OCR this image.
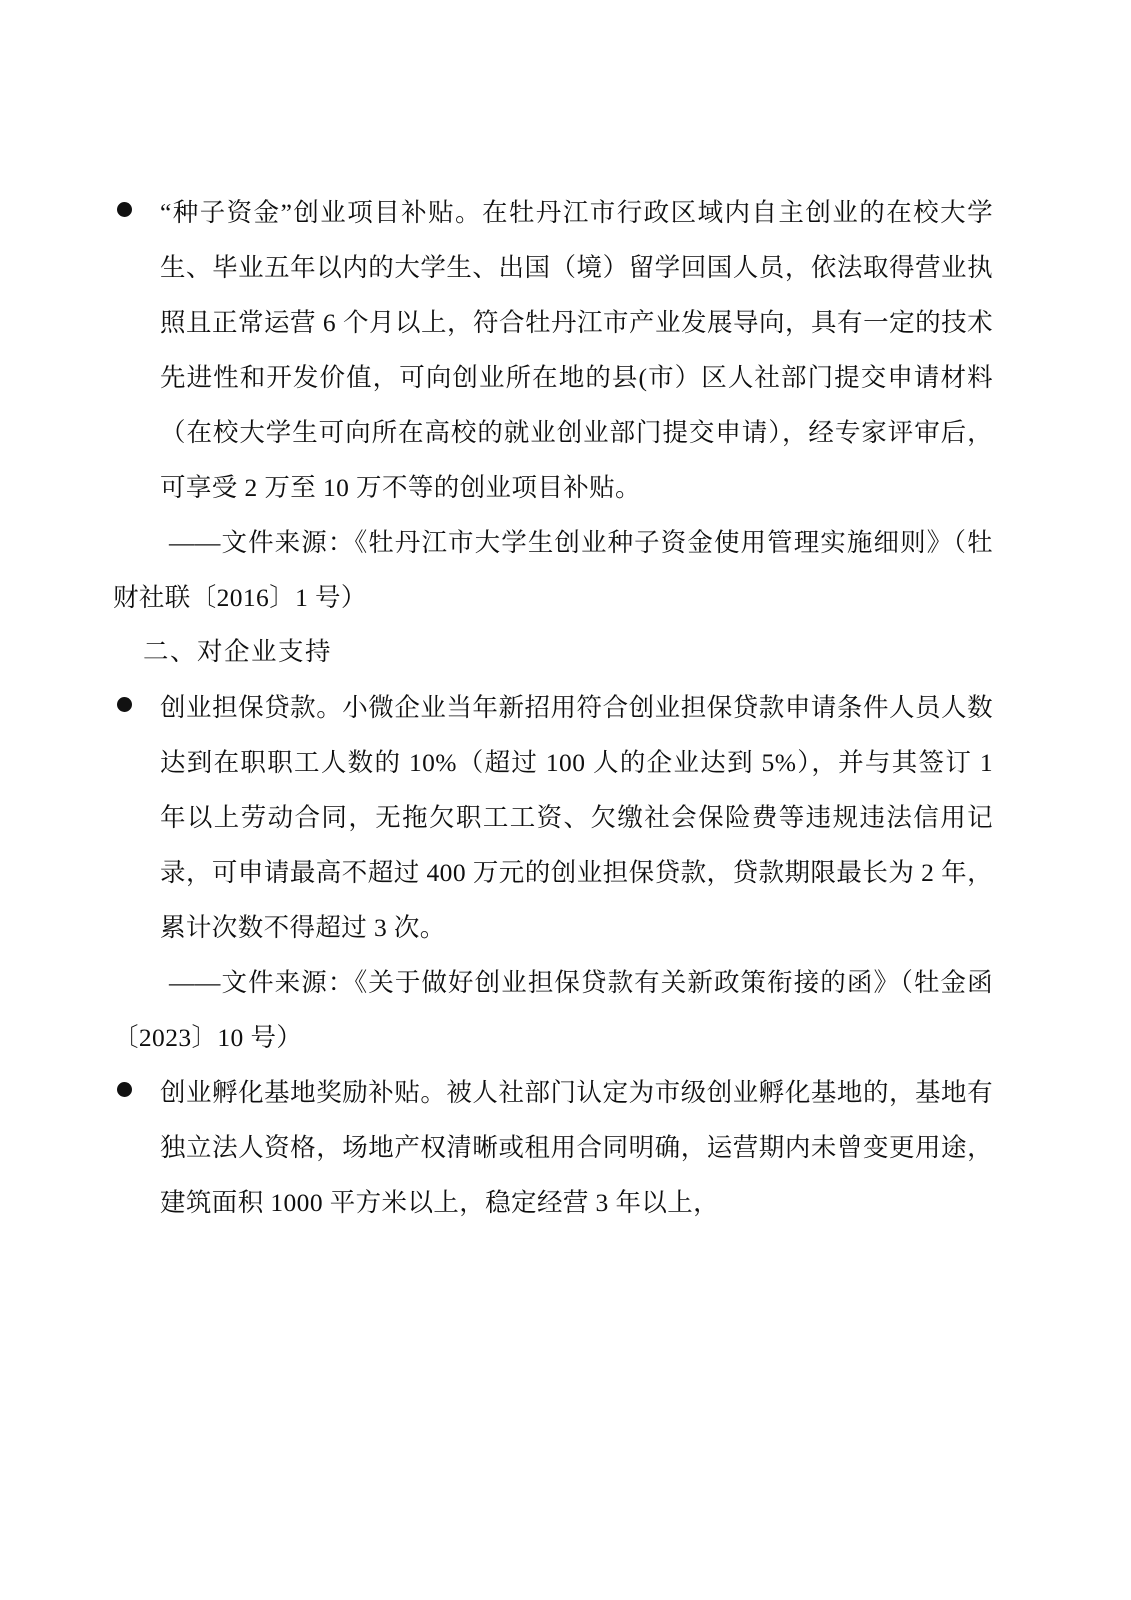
“种子资金”创业项目补贴。在牡丹江市行政区域内自主创业的在校大学生、毕业五年以内的大学生、出国（境）留学回国人员，依法取得营业执照且正常运营 6 个月以上，符合牡丹江市产业发展导向，具有一定的技术先进性和开发价值，可向创业所在地的县(市）区人社部门提交申请材料（在校大学生可向所在高校的就业创业部门提交申请），经专家评审后，可享受 2 万至 10 万不等的创业项目补贴。

——文件来源：《牡丹江市大学生创业种子资金使用管理实施细则》（牡财社联〔2016〕1 号）

二、对企业支持

创业担保贷款。小微企业当年新招用符合创业担保贷款申请条件人员人数达到在职职工人数的 10%（超过 100 人的企业达到 5%），并与其签订 1 年以上劳动合同，无拖欠职工工资、欠缴社会保险费等违规违法信用记录，可申请最高不超过 400 万元的创业担保贷款，贷款期限最长为 2 年，累计次数不得超过 3 次。

——文件来源：《关于做好创业担保贷款有关新政策衔接的函》（牡金函〔2023〕10 号）

创业孵化基地奖励补贴。被人社部门认定为市级创业孵化基地的，基地有独立法人资格，场地产权清晰或租用合同明确，运营期内未曾变更用途，建筑面积 1000 平方米以上，稳定经营 3 年以上，
